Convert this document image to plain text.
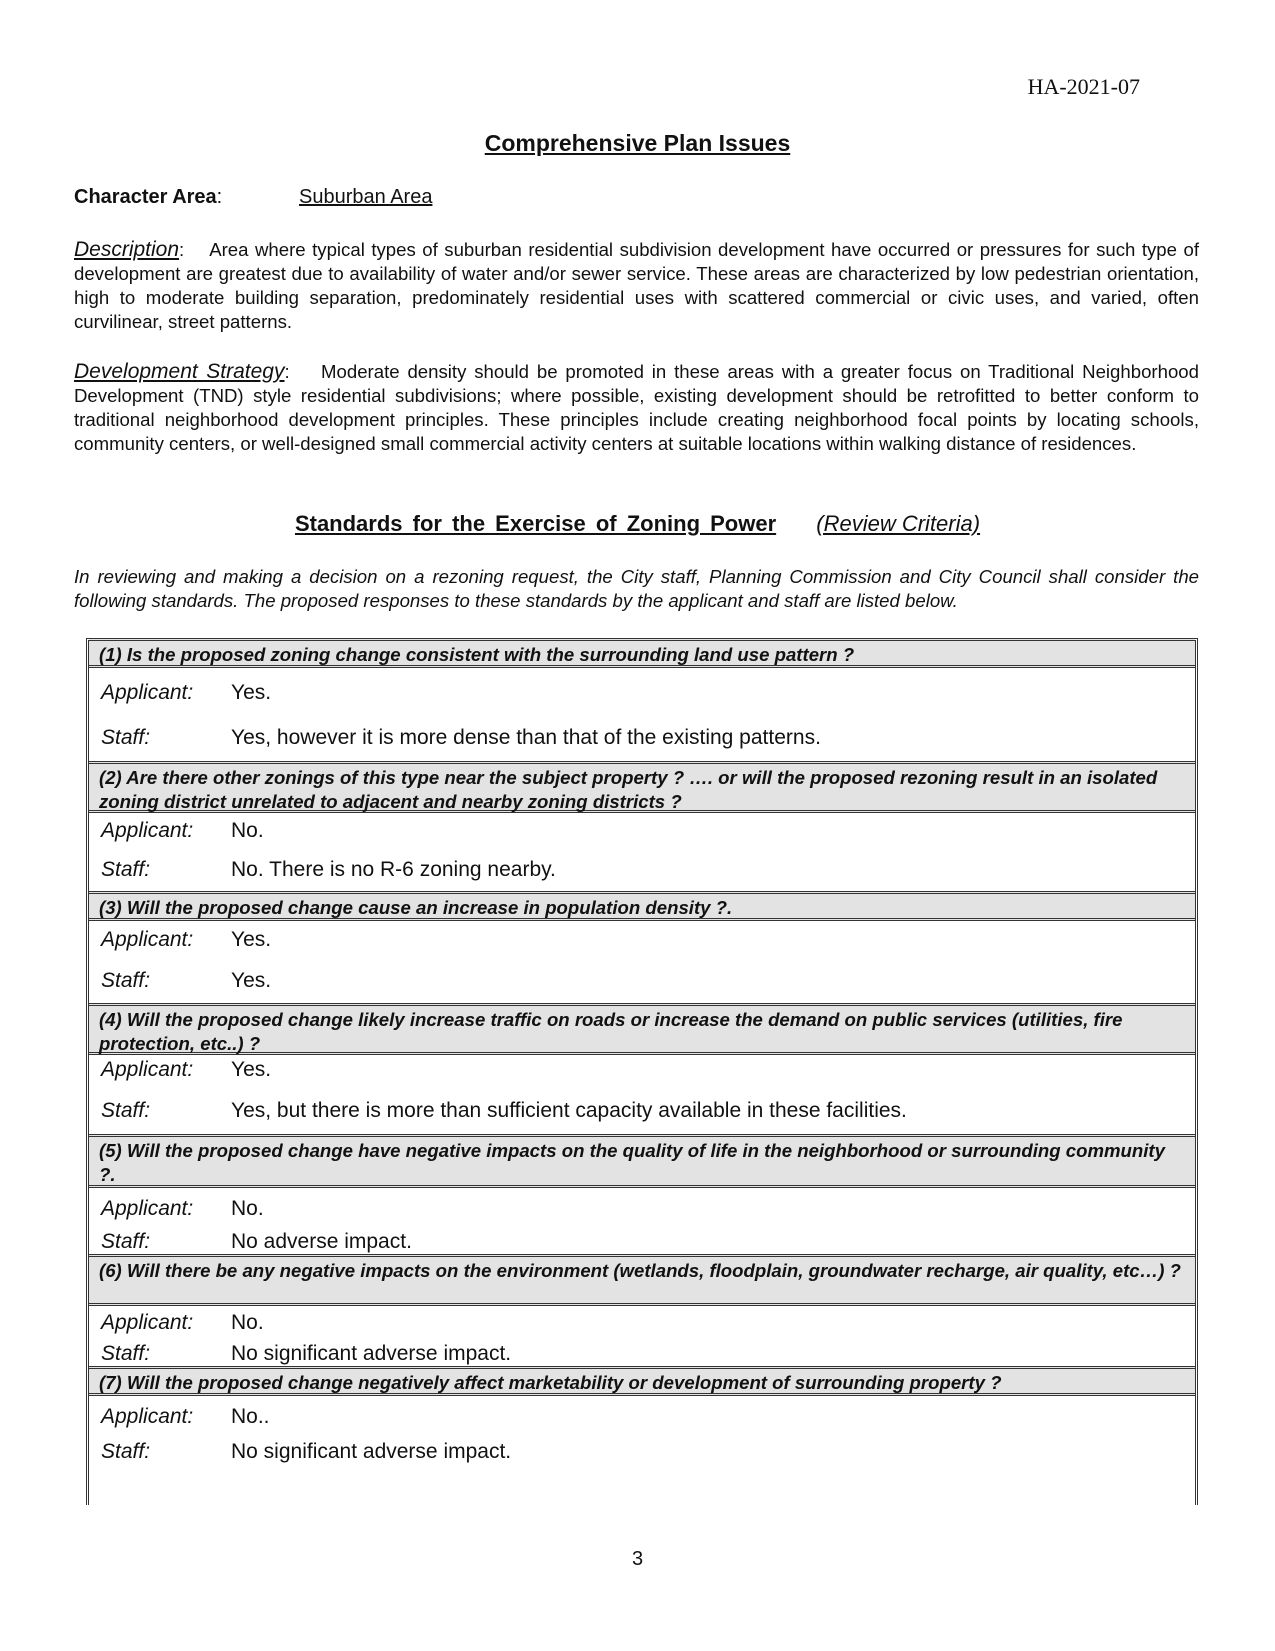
HA-2021-07
Comprehensive Plan Issues
Character Area:	Suburban Area
Description:    Area where typical types of suburban residential subdivision development have occurred or pressures for such type of development are greatest due to availability of water and/or sewer service. These areas are characterized by low pedestrian orientation, high to moderate building separation, predominately residential uses with scattered commercial or civic uses, and varied, often curvilinear, street patterns.
Development Strategy:    Moderate density should be promoted in these areas with a greater focus on Traditional Neighborhood Development (TND) style residential subdivisions; where possible, existing development should be retrofitted to better conform to traditional neighborhood development principles. These principles include creating neighborhood focal points by locating schools, community centers, or well-designed small commercial activity centers at suitable locations within walking distance of residences.
Standards for the Exercise of Zoning Power (Review Criteria)
In reviewing and making a decision on a rezoning request, the City staff, Planning Commission and City Council shall consider the following standards. The proposed responses to these standards by the applicant and staff are listed below.
(1) Is the proposed zoning change consistent with the surrounding land use pattern ?
Applicant: Yes.
Staff:	Yes, however it is more dense than that of the existing patterns.
(2) Are there other zonings of this type near the subject property ? …. or will the proposed rezoning result in an isolated zoning district unrelated to adjacent and nearby zoning districts ?
Applicant: No.
Staff:	No. There is no R-6 zoning nearby.
(3) Will the proposed change cause an increase in population density ?.
Applicant: Yes.
Staff:	Yes.
(4) Will the proposed change likely increase traffic on roads or increase the demand on public services (utilities, fire protection, etc..) ?
Applicant: Yes.
Staff:	Yes, but there is more than sufficient capacity available in these facilities.
(5) Will the proposed change have negative impacts on the quality of life in the neighborhood or surrounding community ?.
Applicant: No.
Staff:	No adverse impact.
(6) Will there be any negative impacts on the environment (wetlands, floodplain, groundwater recharge, air quality, etc…) ?
Applicant: No.
Staff:	No significant adverse impact.
(7) Will the proposed change negatively affect marketability or development of surrounding property ?
Applicant: No..
Staff:	No significant adverse impact.
3
